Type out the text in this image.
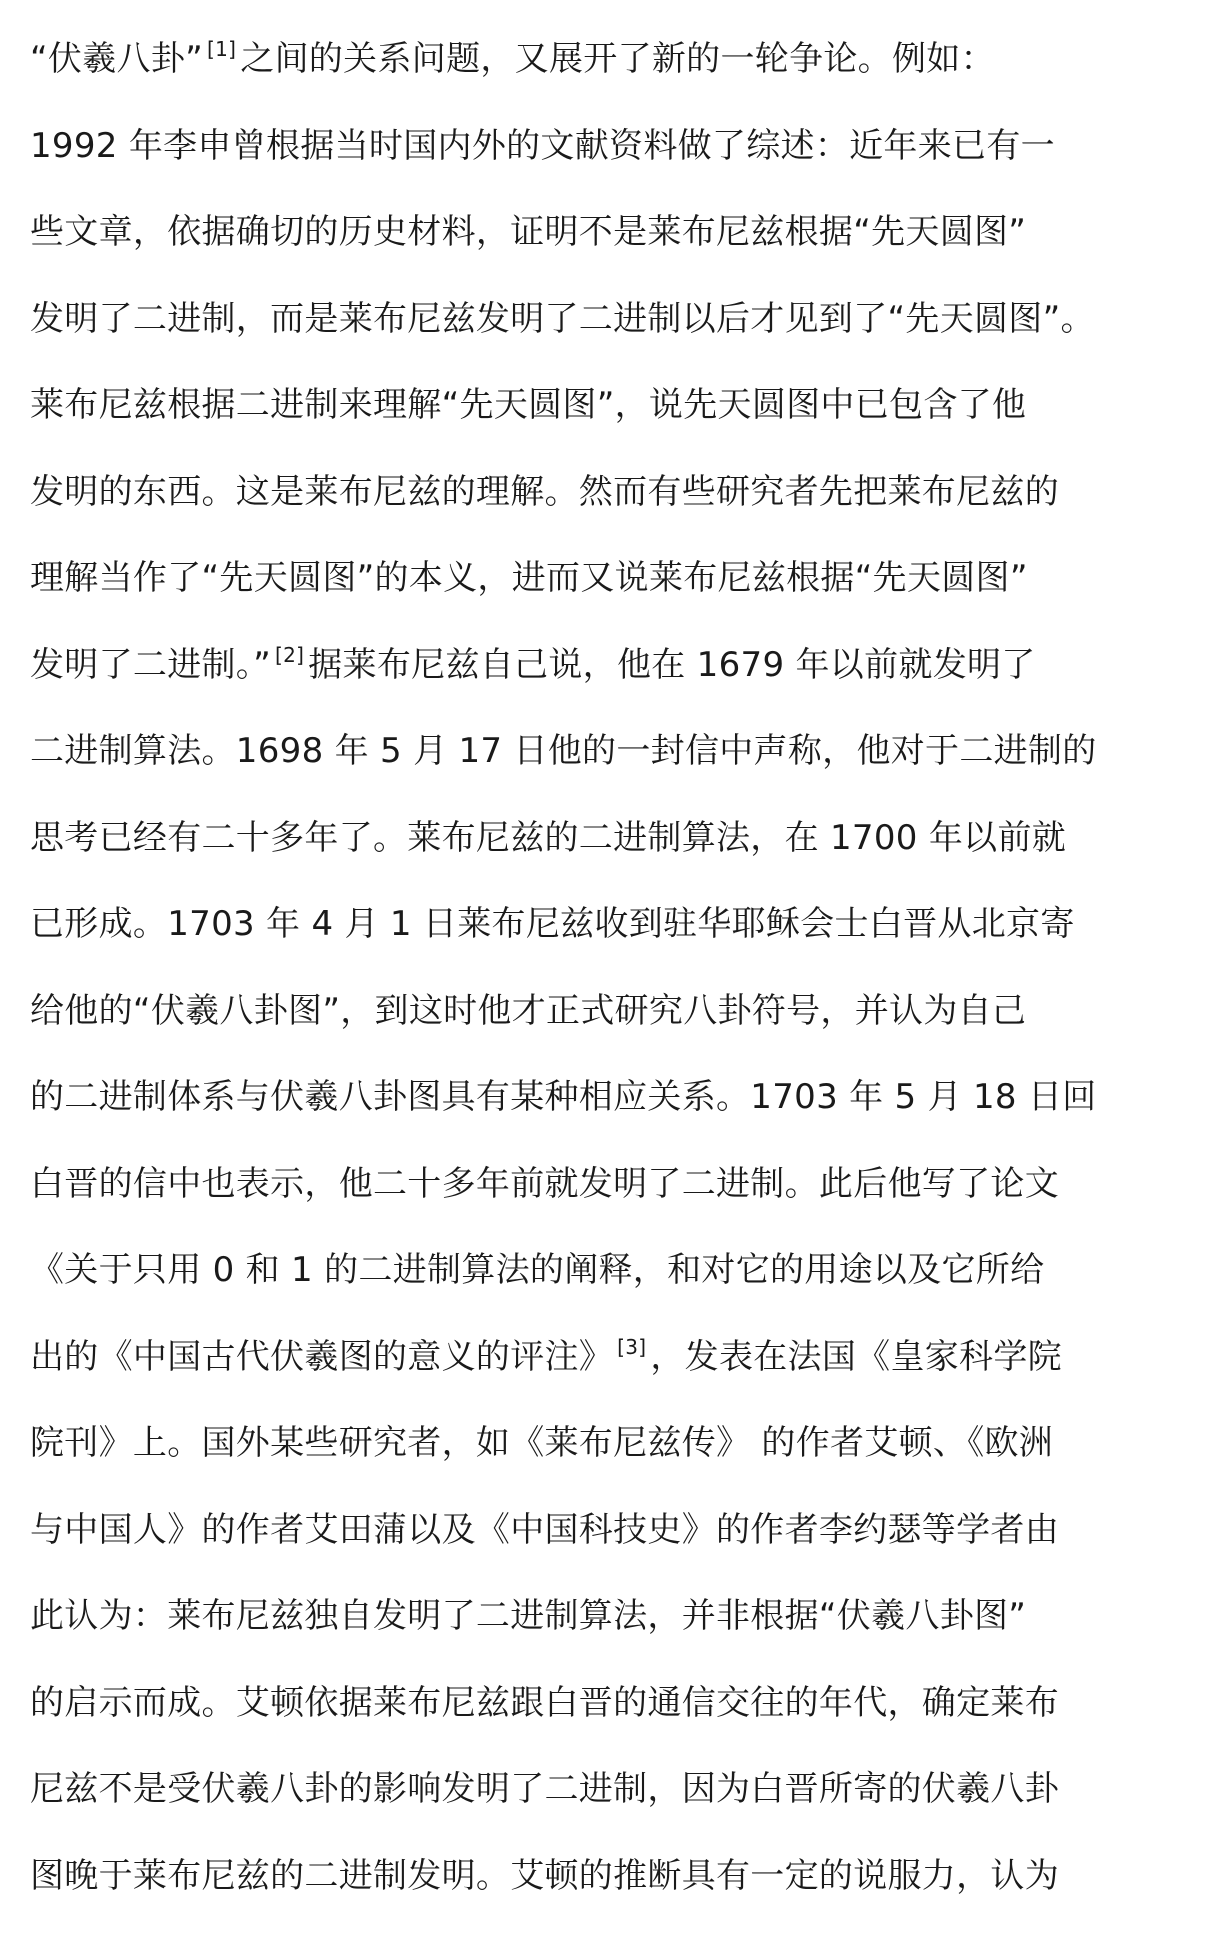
“伏羲八卦” [1] 之间的关系问题，又展开了新的一轮争论。例如：
1992 年李申曾根据当时国内外的文献资料做了综述：近年来已有一
些文章，依据确切的历史材料，证明不是莱布尼兹根据“先天圆图”
发明了二进制，而是莱布尼兹发明了二进制以后才见到了“先天圆图”。
莱布尼兹根据二进制来理解“先天圆图”，说先天圆图中已包含了他
发明的东西。这是莱布尼兹的理解。然而有些研究者先把莱布尼兹的
理解当作了“先天圆图”的本义，进而又说莱布尼兹根据“先天圆图”
发明了二进制。” [2] 据莱布尼兹自己说，他在 1679 年以前就发明了
二进制算法。1698 年 5 月 17 日他的一封信中声称，他对于二进制的
思考已经有二十多年了。莱布尼兹的二进制算法，在 1700 年以前就
已形成。1703 年 4 月 1 日莱布尼兹收到驻华耶稣会士白晋从北京寄
给他的“伏羲八卦图”，到这时他才正式研究八卦符号，并认为自己
的二进制体系与伏羲八卦图具有某种相应关系。1703 年 5 月 18 日回
白晋的信中也表示，他二十多年前就发明了二进制。此后他写了论文
《关于只用 0 和 1 的二进制算法的阐释，和对它的用途以及它所给
出的《中国古代伏羲图的意义的评注》 [3] ，发表在法国《皇家科学院
院刊》上。国外某些研究者，如《莱布尼兹传》 的作者艾顿、《欧洲
与中国人》的作者艾田蒲以及《中国科技史》的作者李约瑟等学者由
此认为：莱布尼兹独自发明了二进制算法，并非根据“伏羲八卦图”
的启示而成。艾顿依据莱布尼兹跟白晋的通信交往的年代，确定莱布
尼兹不是受伏羲八卦的影响发明了二进制，因为白晋所寄的伏羲八卦
图晚于莱布尼兹的二进制发明。艾顿的推断具有一定的说服力，认为
